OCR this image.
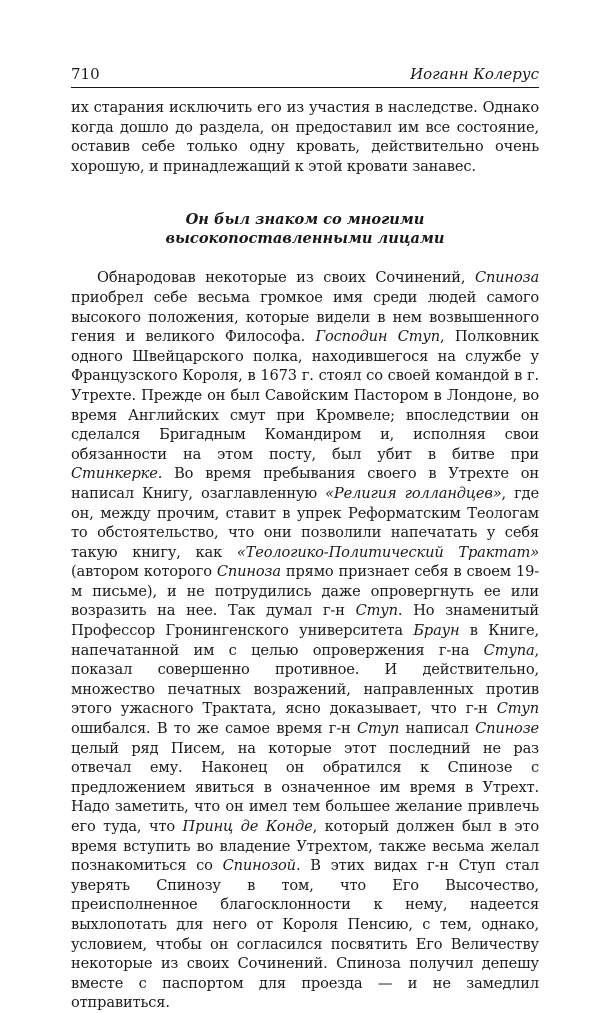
710	Иоганн Колерус

их старания исключить его из участия в наследстве. Однако когда дошло до раздела, он предоставил им все состояние, оставив себе только одну кровать, действительно очень хорошую, и принадлежащий к этой кровати занавес.

Он был знаком со многими
высокопоставленными лицами

Обнародовав некоторые из своих Сочинений, Спиноза приобрел себе весьма громкое имя среди людей самого высокого положения, которые видели в нем возвышенного гения и великого Философа. Господин Ступ, Полковник одного Швейцарского полка, находившегося на службе у Французского Короля, в 1673 г. стоял со своей командой в г. Утрехте. Прежде он был Савойским Пастором в Лондоне, во время Английских смут при Кромвеле; впоследствии он сделался Бригадным Командиром и, исполняя свои обязанности на этом посту, был убит в битве при Стинкерке. Во время пребывания своего в Утрехте он написал Книгу, озаглавленную «Религия голландцев», где он, между прочим, ставит в упрек Реформатским Теологам то обстоятельство, что они позволили напечатать у себя такую книгу, как «Теологико-Политический Трактат» (автором которого Спиноза прямо признает себя в своем 19-м письме), и не потрудились даже опровергнуть ее или возразить на нее. Так думал г-н Ступ. Но знаменитый Профессор Гронингенского университета Браун в Книге, напечатанной им с целью опровержения г-на Ступа, показал совершенно противное. И действительно, множество печатных возражений, направленных против этого ужасного Трактата, ясно доказывает, что г-н Ступ ошибался. В то же самое время г-н Ступ написал Спинозе целый ряд Писем, на которые этот последний не раз отвечал ему. Наконец он обратился к Спинозе с предложением явиться в означенное им время в Утрехт. Надо заметить, что он имел тем большее желание привлечь его туда, что Принц де Конде, который должен был в это время вступить во владение Утрехтом, также весьма желал познакомиться со Спинозой. В этих видах г-н Ступ стал уверять Спинозу в том, что Его Высочество, преисполненное благосклонности к нему, надеется выхлопотать для него от Короля Пенсию, с тем, однако, условием, чтобы он согласился посвятить Его Величеству некоторые из своих Сочинений. Спиноза получил депешу вместе с паспортом для проезда — и не замедлил отправиться.
